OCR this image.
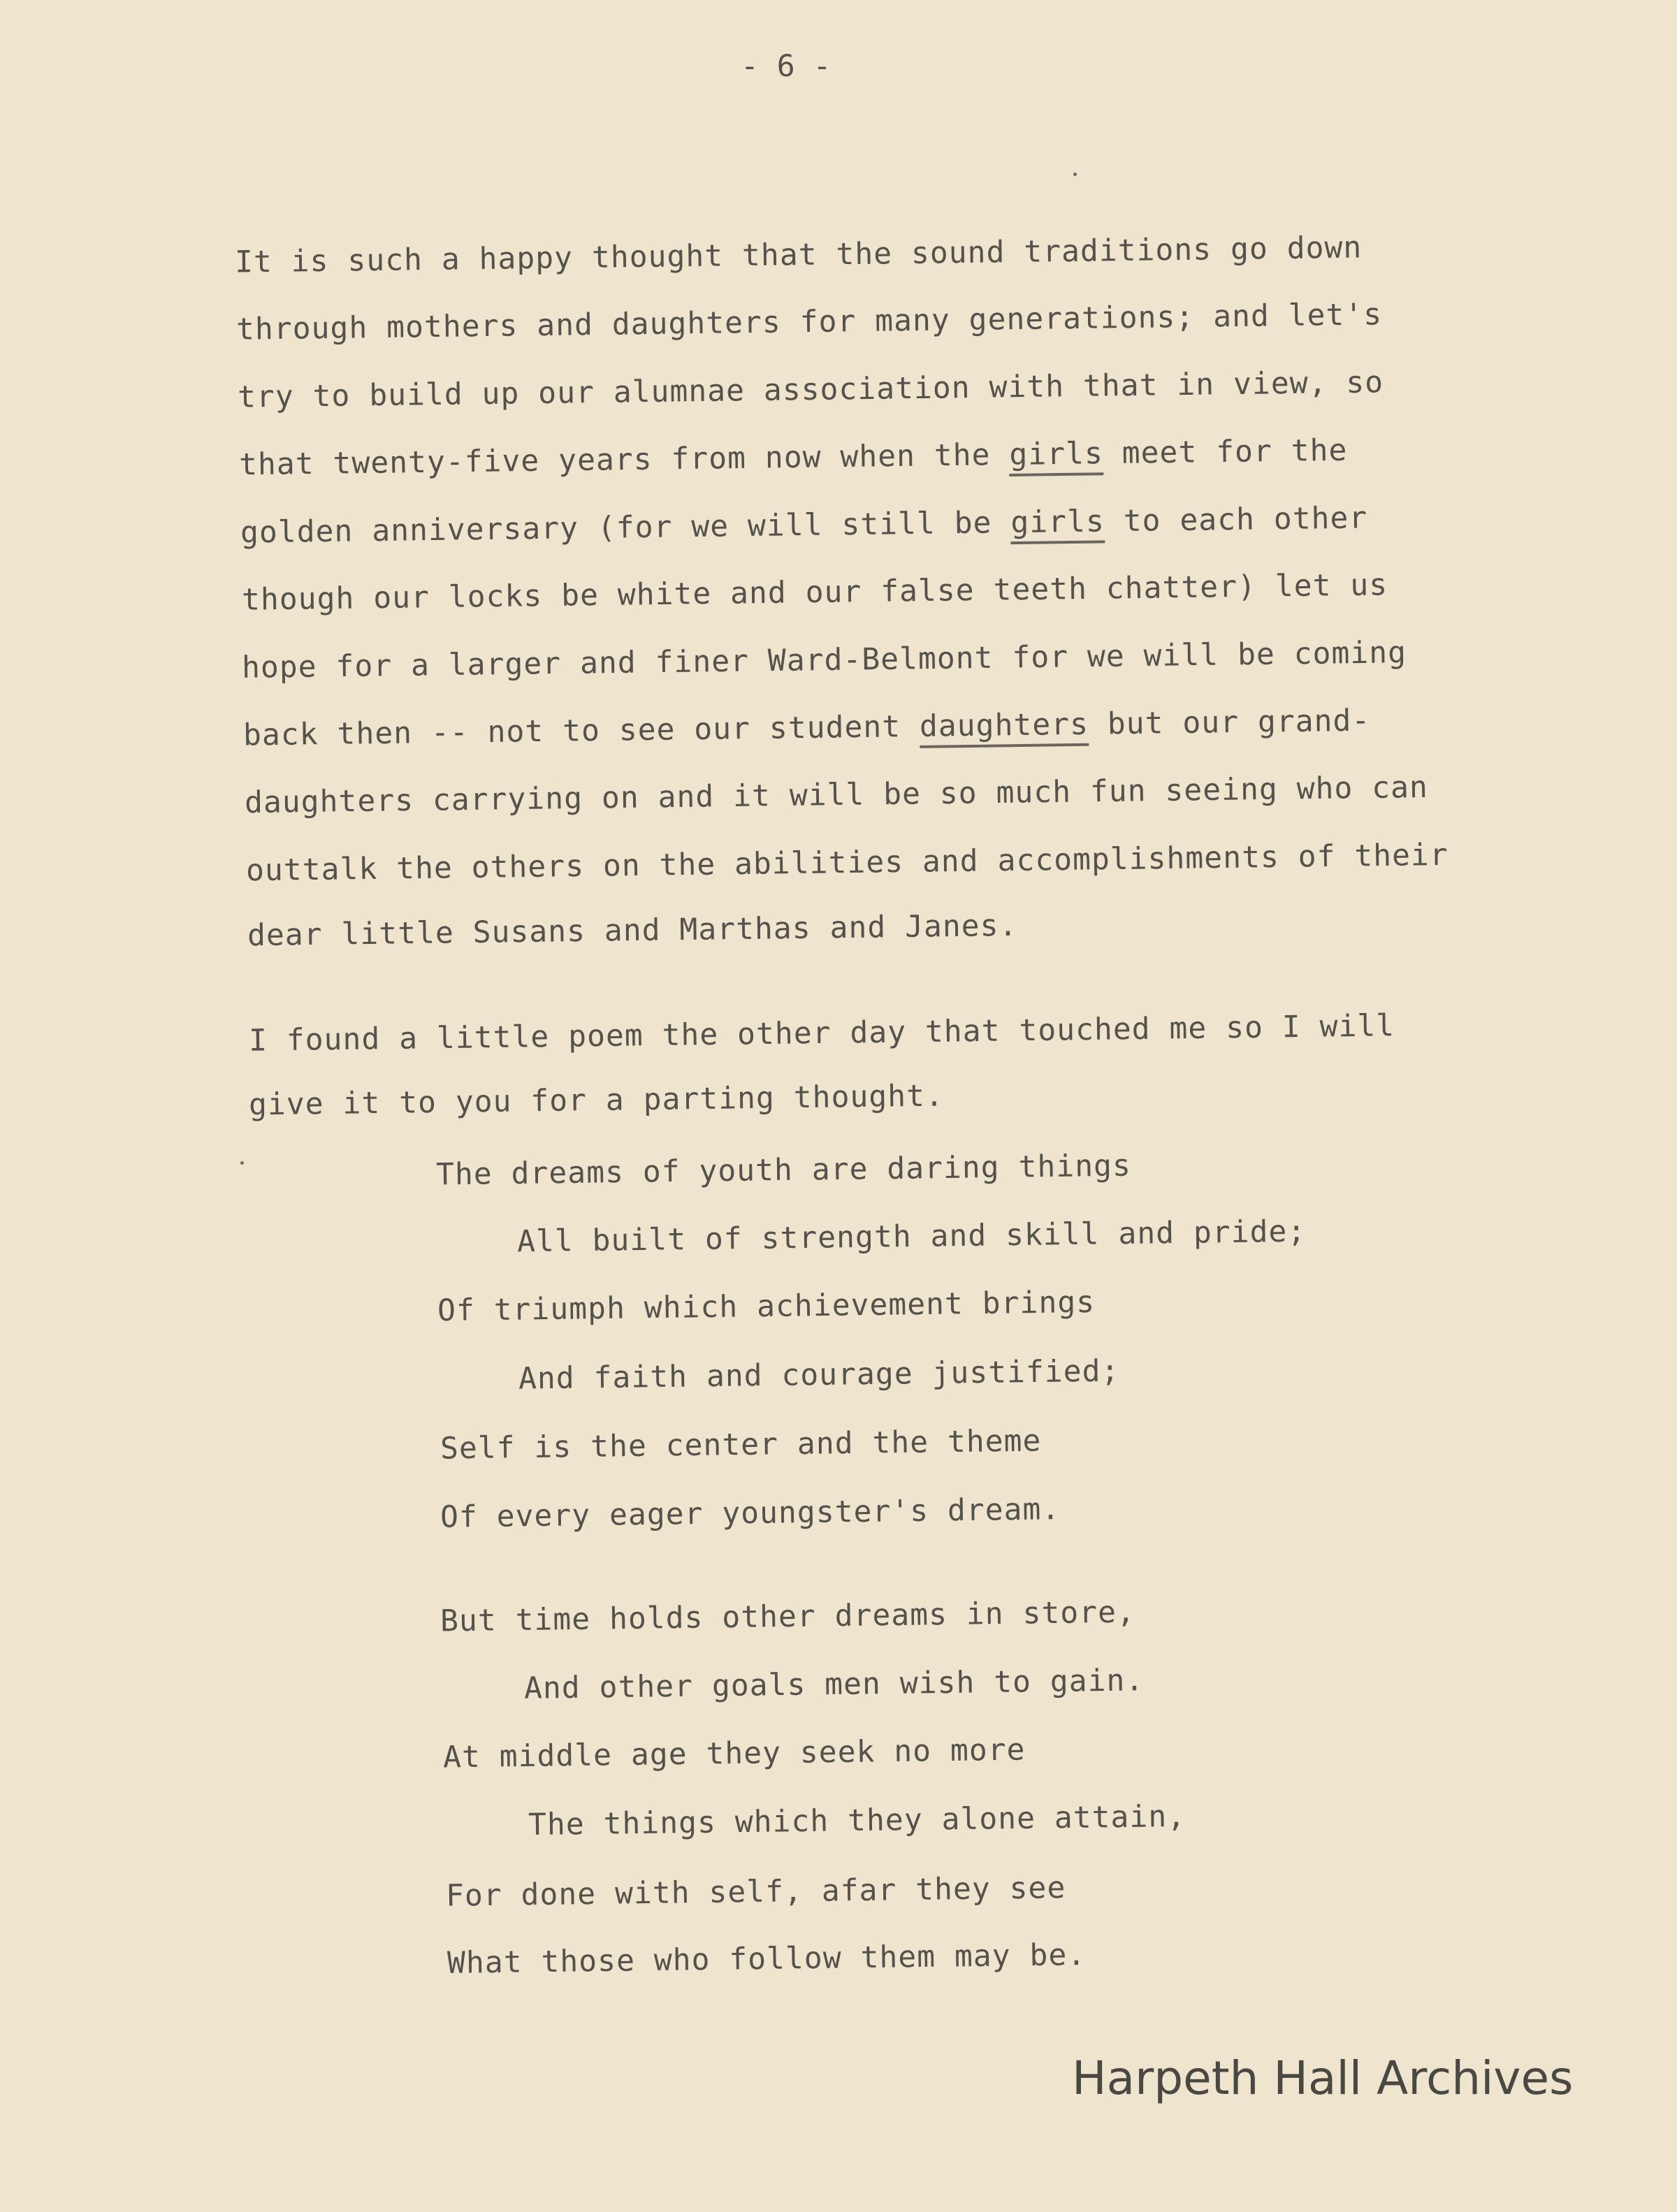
- 6 -
It is such a happy thought that the sound traditions go down
through mothers and daughters for many generations; and let's
try to build up our alumnae association with that in view, so
that twenty-five years from now when the girls meet for the
golden anniversary (for we will still be girls to each other
though our locks be white and our false teeth chatter) let us
hope for a larger and finer Ward-Belmont for we will be coming
back then -- not to see our student daughters but our grand-
daughters carrying on and it will be so much fun seeing who can
outtalk the others on the abilities and accomplishments of their
dear little Susans and Marthas and Janes.
I found a little poem the other day that touched me so I will
give it to you for a parting thought.
The dreams of youth are daring things
All built of strength and skill and pride;
Of triumph which achievement brings
And faith and courage justified;
Self is the center and the theme
Of every eager youngster's dream.
But time holds other dreams in store,
And other goals men wish to gain.
At middle age they seek no more
The things which they alone attain,
For done with self, afar they see
What those who follow them may be.
Harpeth Hall Archives
